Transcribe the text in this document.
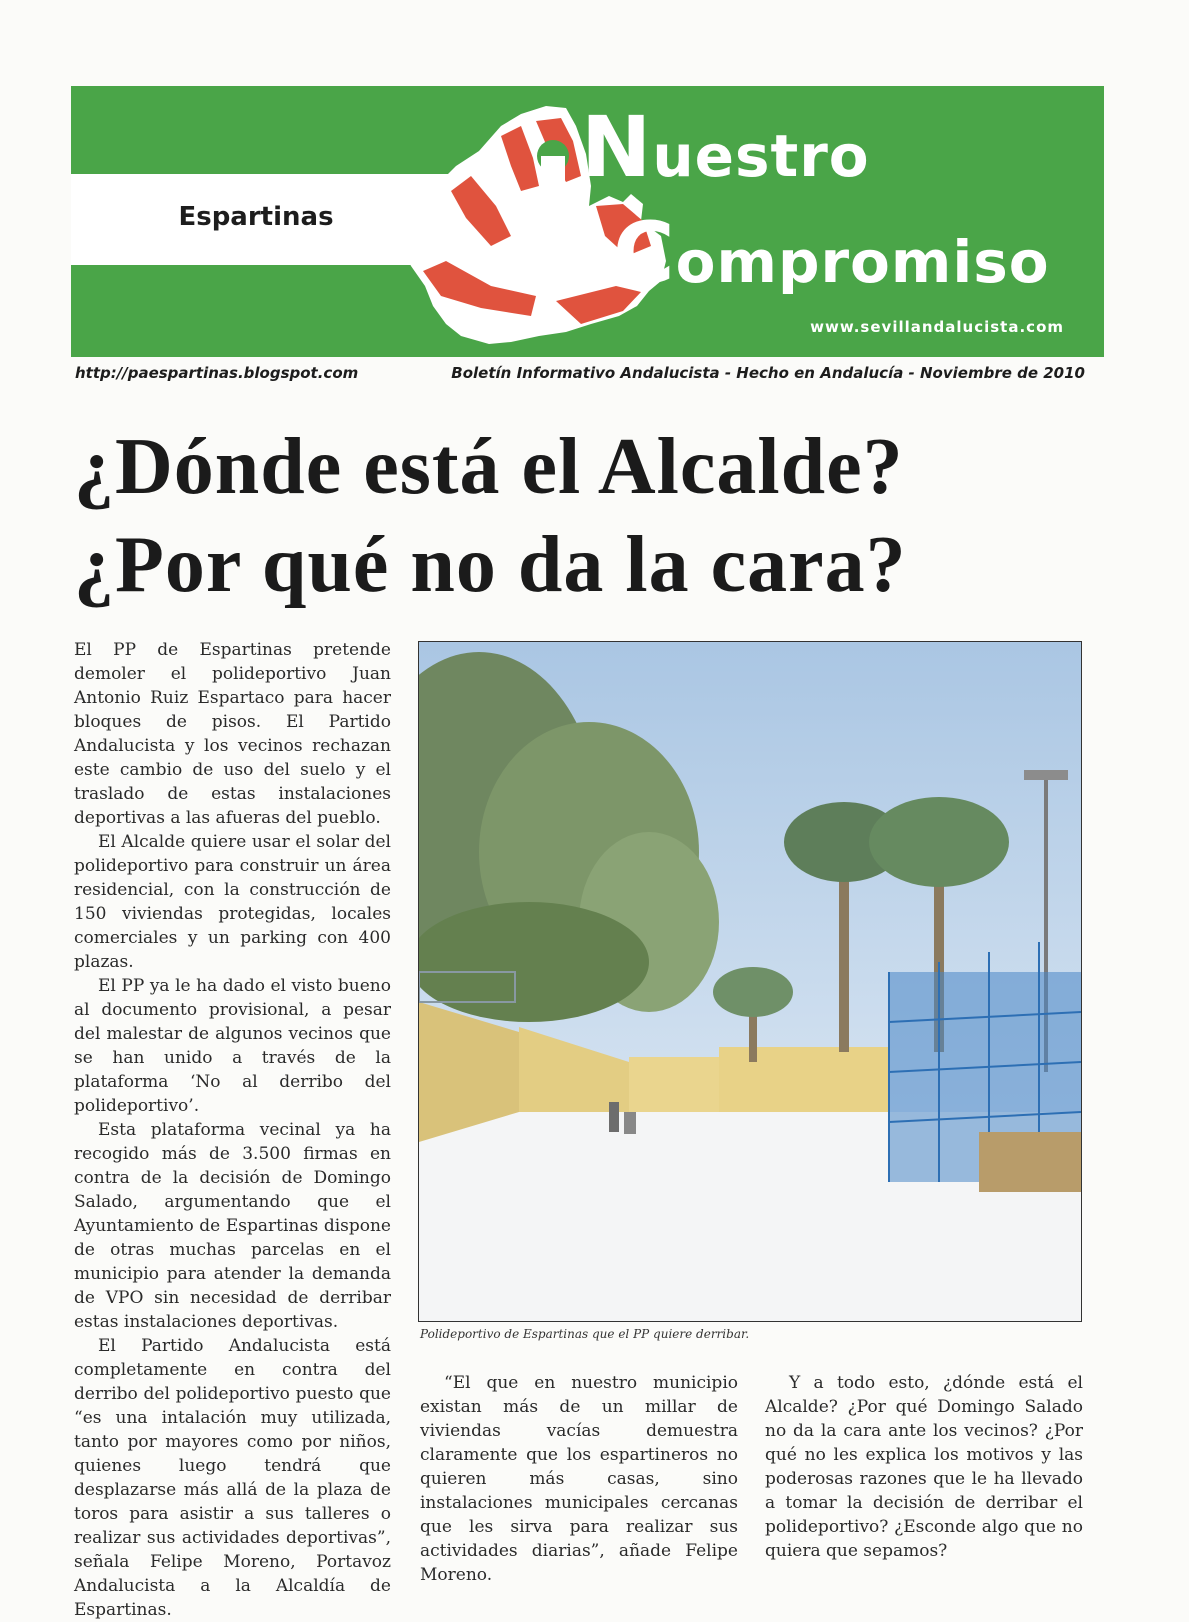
Espartinas
Nuestro
Compromiso
www.sevillandalucista.com
http://paespartinas.blogspot.com	Boletín Informativo Andalucista - Hecho en Andalucía - Noviembre de 2010
¿Dónde está el Alcalde?
¿Por qué no da la cara?

El PP de Espartinas pretende demoler el polideportivo Juan Antonio Ruiz Espartaco para hacer bloques de pisos. El Partido Andalucista y los vecinos rechazan este cambio de uso del suelo y el traslado de estas instalaciones deportivas a las afueras del pueblo.

El Alcalde quiere usar el solar del polideportivo para construir un área residencial, con la construcción de 150 viviendas protegidas, locales comerciales y un parking con 400 plazas.

El PP ya le ha dado el visto bueno al documento provisional, a pesar del malestar de algunos vecinos que se han unido a través de la plataforma ‘No al derribo del polideportivo’.

Esta plataforma vecinal ya ha recogido más de 3.500 firmas en contra de la decisión de Domingo Salado, argumentando que el Ayuntamiento de Espartinas dispone de otras muchas parcelas en el municipio para atender la demanda de VPO sin necesidad de derribar estas instalaciones deportivas.

El Partido Andalucista está completamente en contra del derribo del polideportivo puesto que “es una intalación muy utilizada, tanto por mayores como por niños, quienes luego tendrá que desplazarse más allá de la plaza de toros para asistir a sus talleres o realizar sus actividades deportivas”, señala Felipe Moreno, Portavoz Andalucista a la Alcaldía de Espartinas.

Polideportivo de Espartinas que el PP quiere derribar.

“El que en nuestro municipio existan más de un millar de viviendas vacías demuestra claramente que los espartineros no quieren más casas, sino instalaciones municipales cercanas que les sirva para realizar sus actividades diarias”, añade Felipe Moreno.

Y a todo esto, ¿dónde está el Alcalde? ¿Por qué Domingo Salado no da la cara ante los vecinos? ¿Por qué no les explica los motivos y las poderosas razones que le ha llevado a tomar la decisión de derribar el polideportivo? ¿Esconde algo que no quiera que sepamos?
